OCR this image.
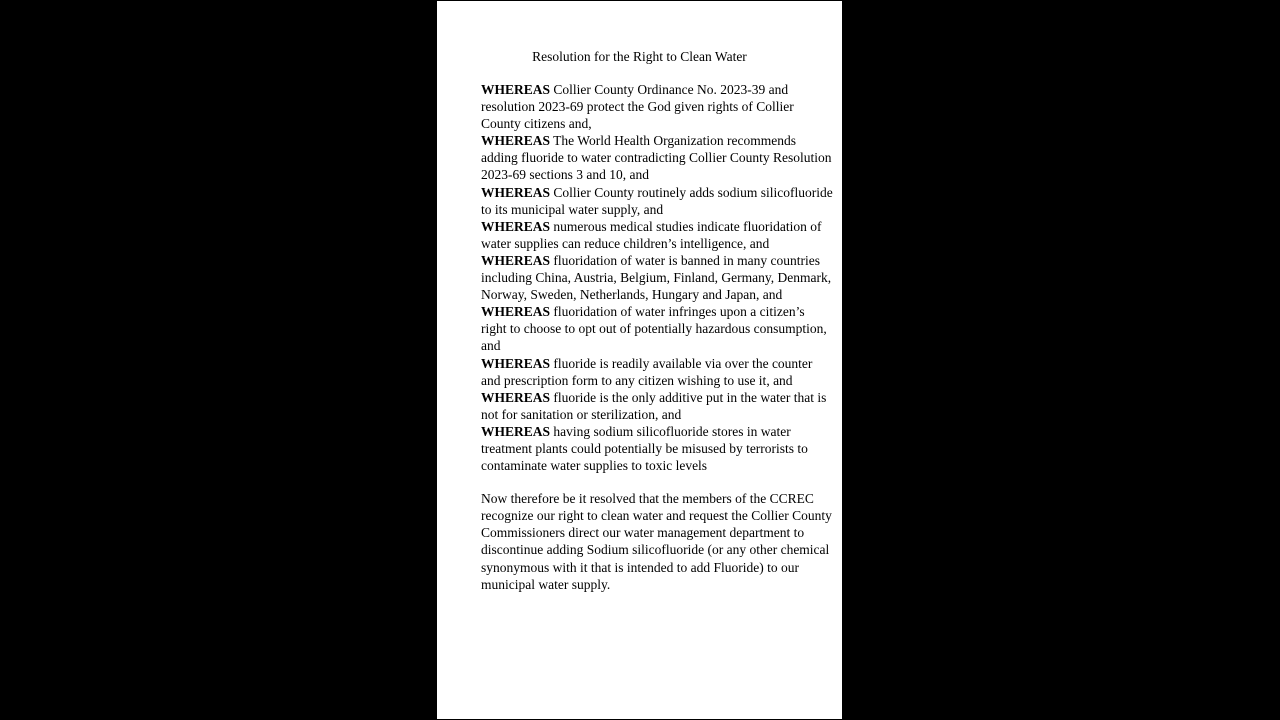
Resolution for the Right to Clean Water

WHEREAS Collier County Ordinance No. 2023-39 and resolution 2023-69 protect the God given rights of Collier County citizens and,

WHEREAS The World Health Organization recommends adding fluoride to water contradicting Collier County Resolution 2023-69 sections 3 and 10, and

WHEREAS Collier County routinely adds sodium silicofluoride to its municipal water supply, and

WHEREAS numerous medical studies indicate fluoridation of water supplies can reduce children’s intelligence, and

WHEREAS fluoridation of water is banned in many countries including China, Austria, Belgium, Finland, Germany, Denmark, Norway, Sweden, Netherlands, Hungary and Japan, and

WHEREAS fluoridation of water infringes upon a citizen’s right to choose to opt out of potentially hazardous consumption, and

WHEREAS fluoride is readily available via over the counter and prescription form to any citizen wishing to use it, and

WHEREAS fluoride is the only additive put in the water that is not for sanitation or sterilization, and

WHEREAS having sodium silicofluoride stores in water treatment plants could potentially be misused by terrorists to contaminate water supplies to toxic levels

Now therefore be it resolved that the members of the CCREC recognize our right to clean water and request the Collier County Commissioners direct our water management department to discontinue adding Sodium silicofluoride (or any other chemical synonymous with it that is intended to add Fluoride) to our municipal water supply.
